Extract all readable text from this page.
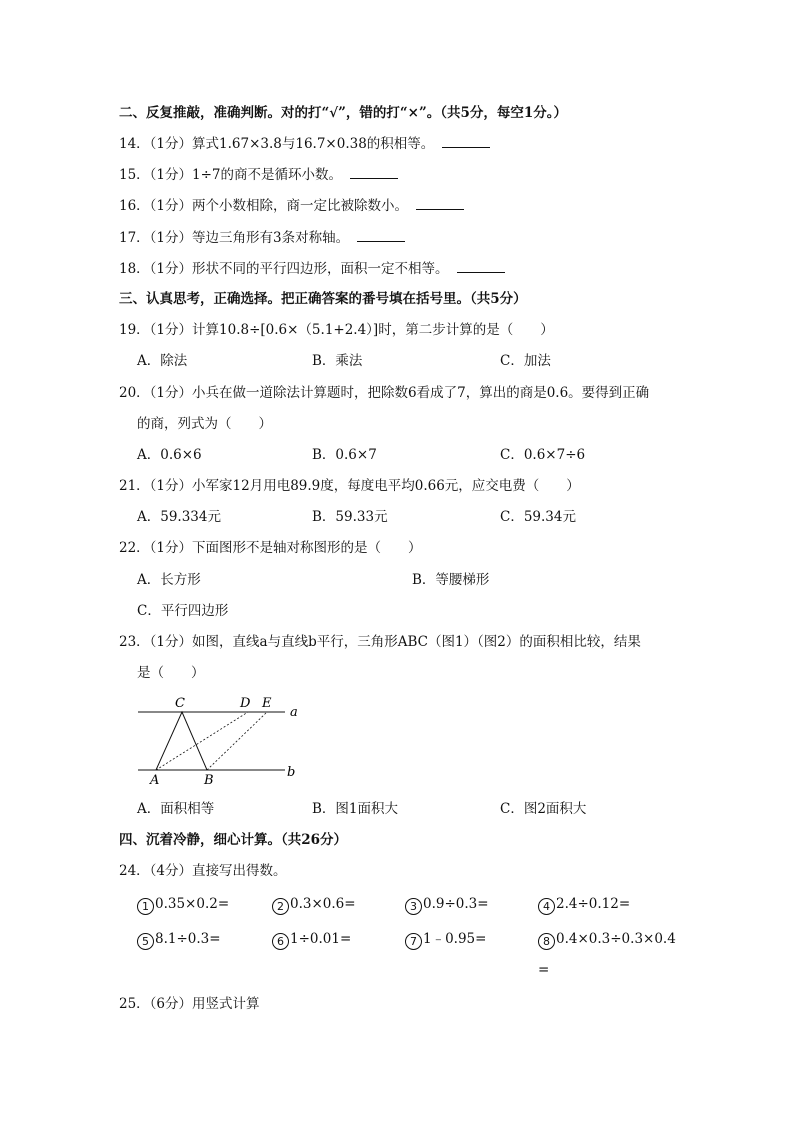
二、反复推敲，准确判断。对的打“√”，错的打“×”。（共5分，每空1分。）
14．（1分）算式1.67×3.8与16.7×0.38的积相等。
15．（1分）1÷7的商不是循环小数。
16．（1分）两个小数相除，商一定比被除数小。
17．（1分）等边三角形有3条对称轴。
18．（1分）形状不同的平行四边形，面积一定不相等。
三、认真思考，正确选择。把正确答案的番号填在括号里。（共5分）
19．（1分）计算10.8÷[0.6×（5.1+2.4）]时，第二步计算的是（　　）
A．除法	B．乘法	C．加法
20．（1分）小兵在做一道除法计算题时，把除数6看成了7，算出的商是0.6。要得到正确
的商，列式为（　　）
A．0.6×6	B．0.6×7	C．0.6×7÷6
21．（1分）小军家12月用电89.9度，每度电平均0.66元，应交电费（　　）
A．59.334元	B．59.33元	C．59.34元
22．（1分）下面图形不是轴对称图形的是（　　）
A．长方形	B．等腰梯形
C．平行四边形
23．（1分）如图，直线a与直线b平行，三角形ABC（图1）（图2）的面积相比较，结果
是（　　）
C	D E
a
A	B
b
A．面积相等	B．图1面积大	C．图2面积大
四、沉着冷静，细心计算。（共26分）
24．（4分）直接写出得数。
1 0.35×0.2=	2 0.3×0.6=	3 0.9÷0.3=	4 2.4÷0.12=
5 8.1÷0.3=	6 1÷0.01=	7 1﹣0.95=	8 0.4×0.3÷0.3×0.4
=
25．（6分）用竖式计算
